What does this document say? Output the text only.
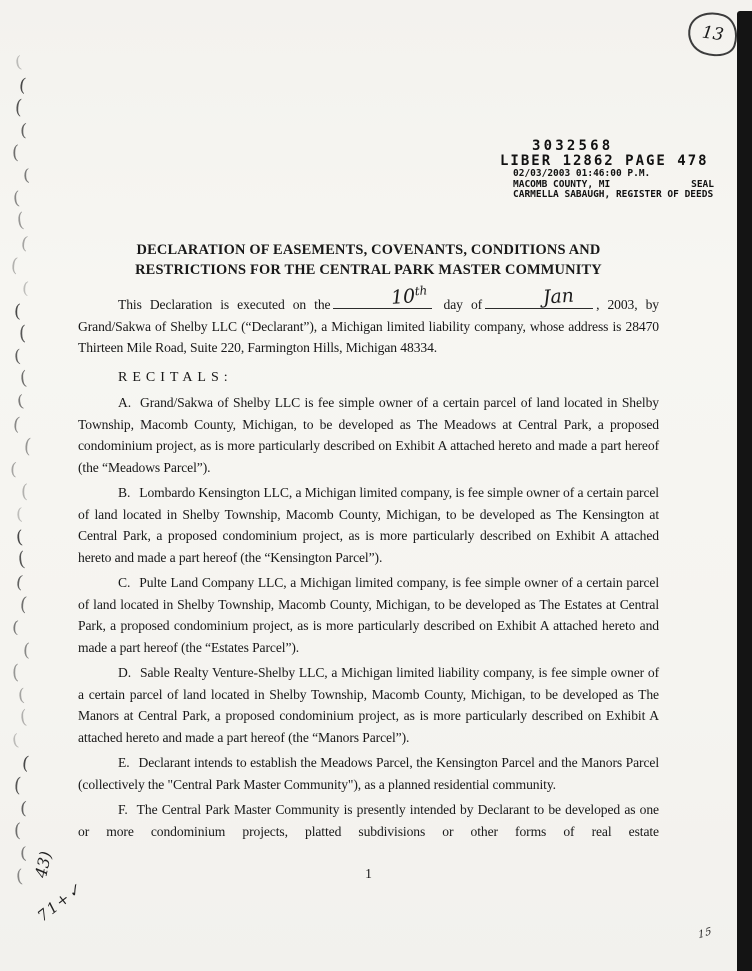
(
(
(
(
(
(
(
(
(
(
(
(
(
(
(
(
(
(
(
(
(
(
(
(
(
(
(
(
(
(
(
(
(
(
(
(
(
3032568
LIBER 12862 PAGE 478
02/03/2003 01:46:00 P.M.
MACOMB COUNTY, MI	SEAL
CARMELLA SABAUGH, REGISTER OF DEEDS
DECLARATION OF EASEMENTS, COVENANTS, CONDITIONS AND
RESTRICTIONS FOR THE CENTRAL PARK MASTER COMMUNITY

This Declaration is executed on the	10th
day of	Jan , 2003, by Grand/Sakwa of Shelby LLC (“Declarant”), a Michigan limited liability company, whose address is 28470 Thirteen Mile Road, Suite 220, Farmington Hills, Michigan 48334.

RECITALS:

A. Grand/Sakwa of Shelby LLC is fee simple owner of a certain parcel of land located in Shelby Township, Macomb County, Michigan, to be developed as The Meadows at Central Park, a proposed condominium project, as is more particularly described on Exhibit A attached hereto and made a part hereof (the “Meadows Parcel”).

B. Lombardo Kensington LLC, a Michigan limited company, is fee simple owner of a certain parcel of land located in Shelby Township, Macomb County, Michigan, to be developed as The Kensington at Central Park, a proposed condominium project, as is more particularly described on Exhibit A attached hereto and made a part hereof (the “Kensington Parcel”).

C. Pulte Land Company LLC, a Michigan limited company, is fee simple owner of a certain parcel of land located in Shelby Township, Macomb County, Michigan, to be developed as The Estates at Central Park, a proposed condominium project, as is more particularly described on Exhibit A attached hereto and made a part hereof (the “Estates Parcel”).

D. Sable Realty Venture-Shelby LLC, a Michigan limited liability company, is fee simple owner of a certain parcel of land located in Shelby Township, Macomb County, Michigan, to be developed as The Manors at Central Park, a proposed condominium project, as is more particularly described on Exhibit A attached hereto and made a part hereof (the “Manors Parcel”).

E. Declarant intends to establish the Meadows Parcel, the Kensington Parcel and the Manors Parcel (collectively the "Central Park Master Community"), as a planned residential community.

F. The Central Park Master Community is presently intended by Declarant to be developed as one or more condominium projects, platted subdivisions or other forms of real estate

1
13
43)
71+✓
15
